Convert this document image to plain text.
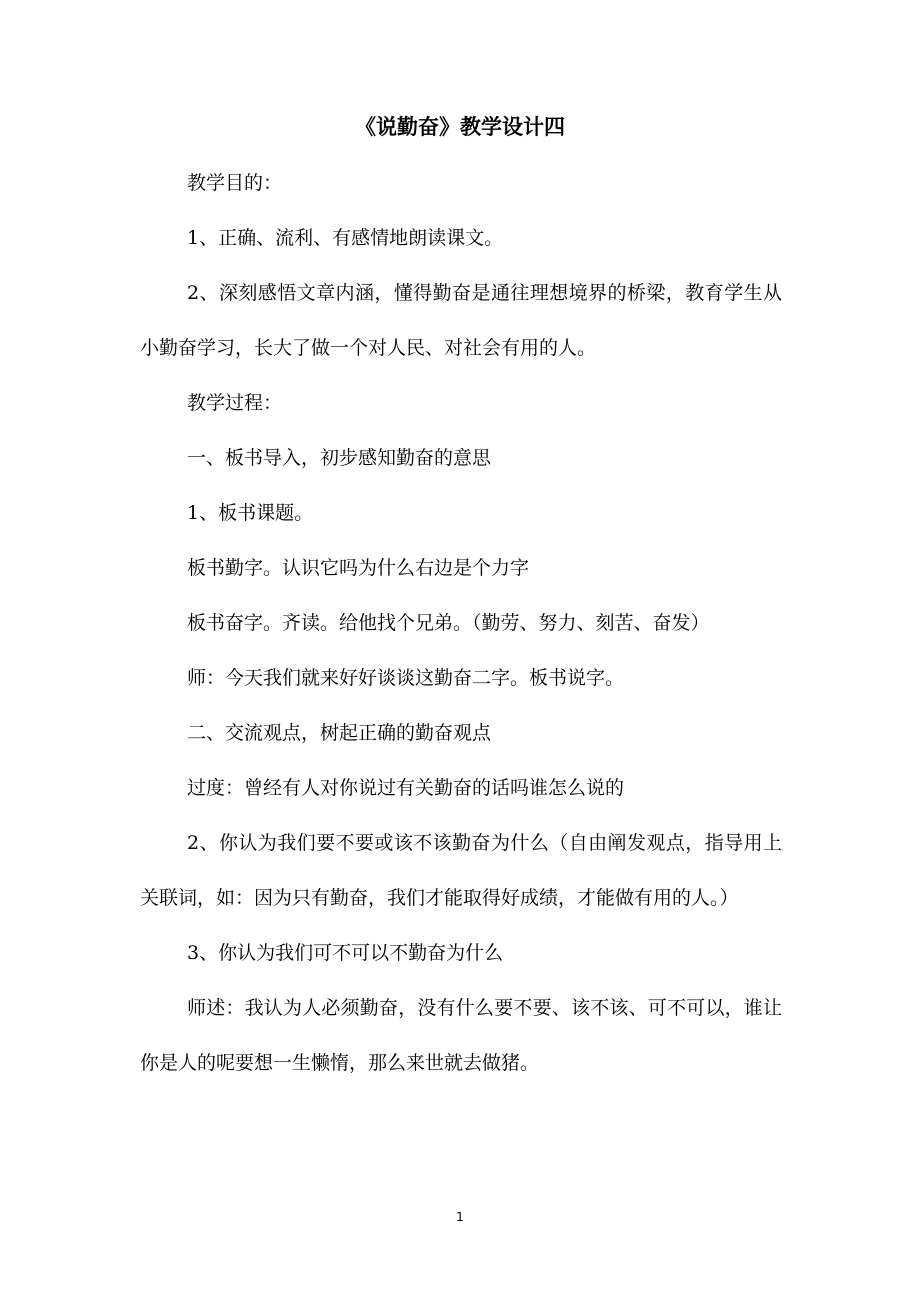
《说勤奋》教学设计四

教学目的：

1、正确、流利、有感情地朗读课文。

2、深刻感悟文章内涵，懂得勤奋是通往理想境界的桥梁，教育学生从小勤奋学习，长大了做一个对人民、对社会有用的人。

教学过程：

一、板书导入，初步感知勤奋的意思

1、板书课题。

板书勤字。认识它吗为什么右边是个力字

板书奋字。齐读。给他找个兄弟。（勤劳、努力、刻苦、奋发）

师：今天我们就来好好谈谈这勤奋二字。板书说字。

二、交流观点，树起正确的勤奋观点

过度：曾经有人对你说过有关勤奋的话吗谁怎么说的

2、你认为我们要不要或该不该勤奋为什么（自由阐发观点，指导用上关联词，如：因为只有勤奋，我们才能取得好成绩，才能做有用的人。）

3、你认为我们可不可以不勤奋为什么

师述：我认为人必须勤奋，没有什么要不要、该不该、可不可以，谁让你是人的呢要想一生懒惰，那么来世就去做猪。

1
